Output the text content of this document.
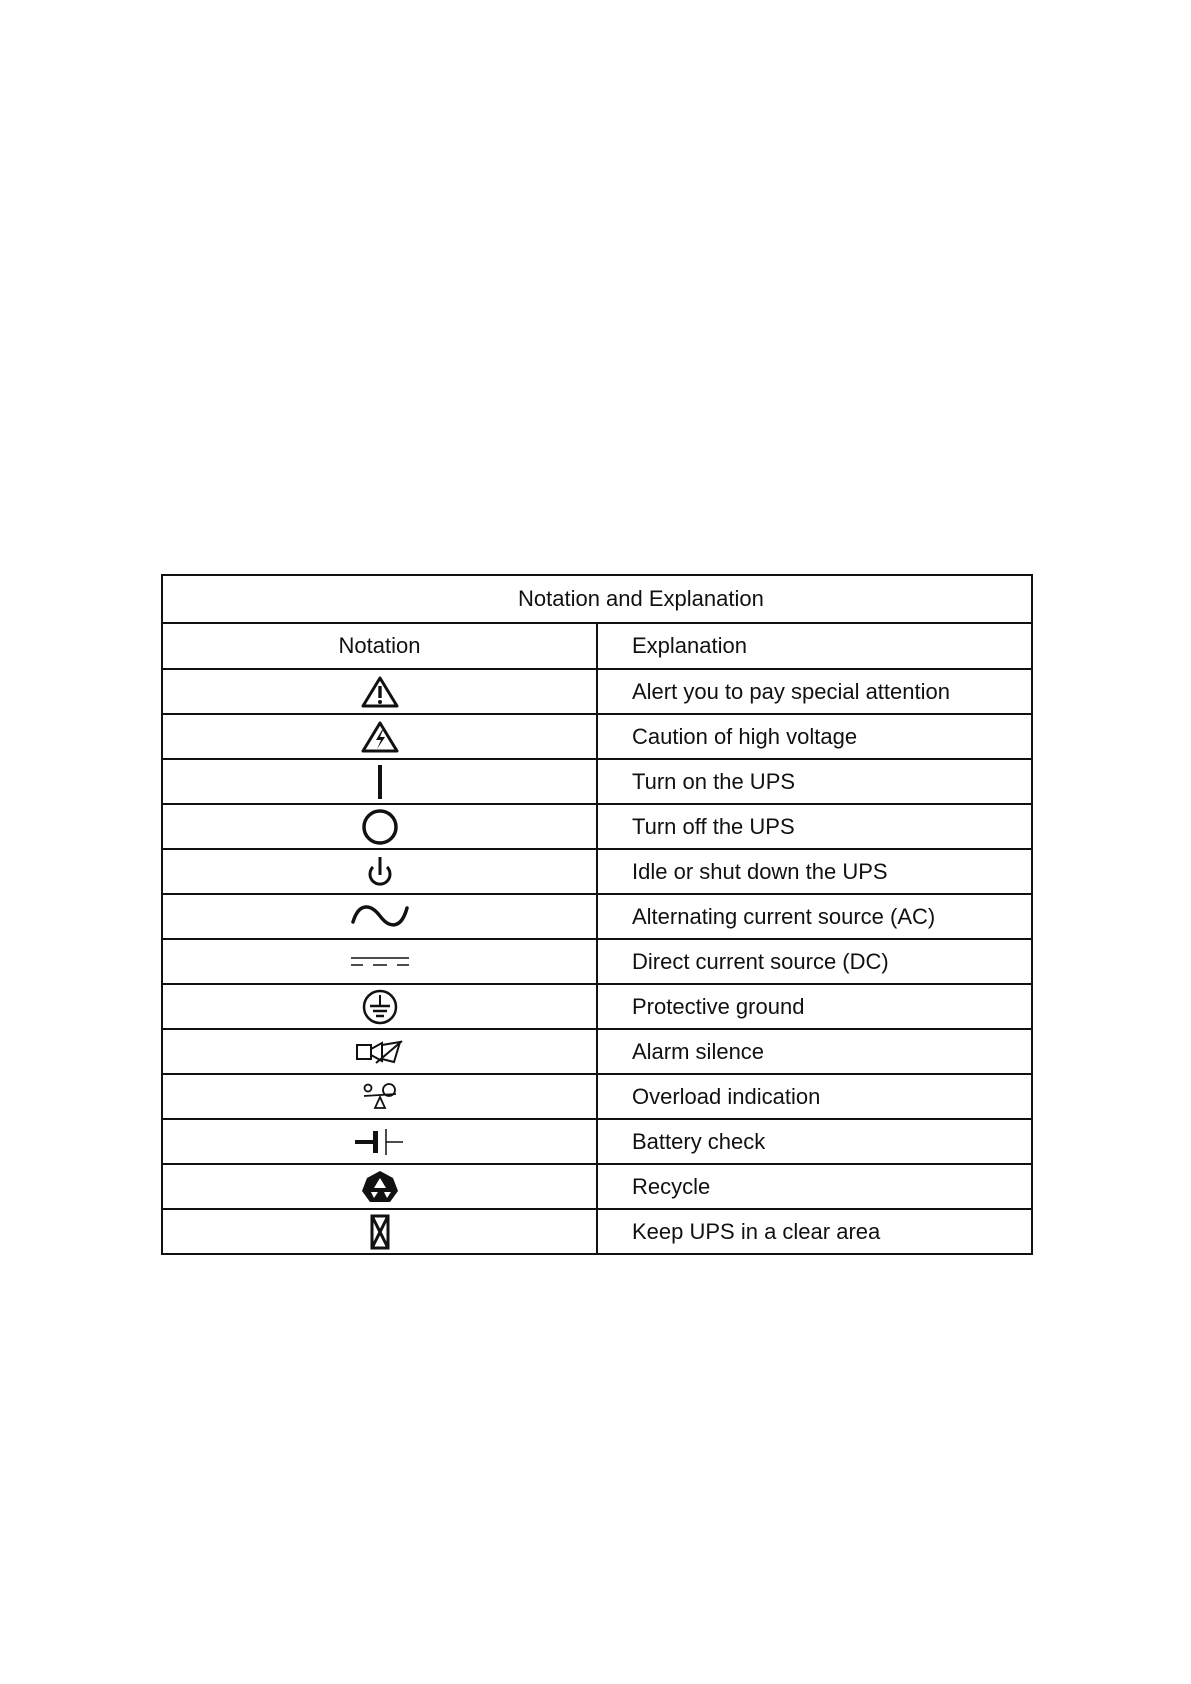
Notation and Explanation	
Notation	Explanation

	Alert you to pay special attention

	Caution of high voltage

	Turn on the UPS

	Turn off the UPS

	Idle or shut down the UPS

	Alternating current source (AC)

	Direct current source (DC)

	Protective ground

	Alarm silence

	Overload indication

	Battery check

	Recycle

	Keep UPS in a clear area
